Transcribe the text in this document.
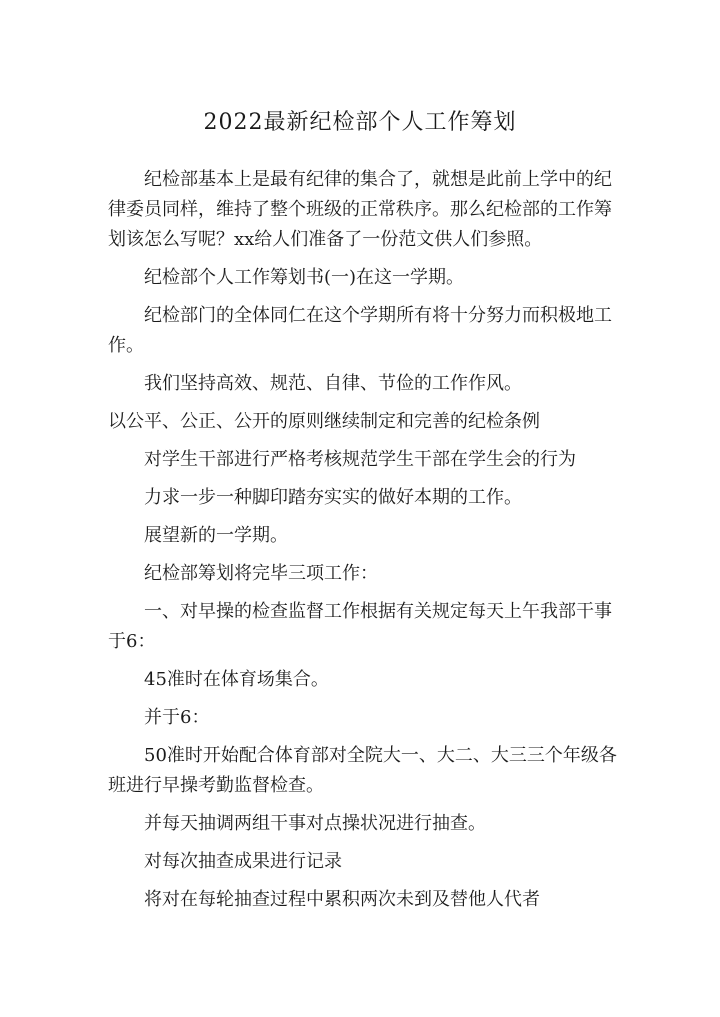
2022最新纪检部个人工作筹划

纪检部基本上是最有纪律的集合了，就想是此前上学中的纪律委员同样，维持了整个班级的正常秩序。那么纪检部的工作筹划该怎么写呢？xx给人们准备了一份范文供人们参照。

纪检部个人工作筹划书(一)在这一学期。

纪检部门的全体同仁在这个学期所有将十分努力而积极地工作。

我们坚持高效、规范、自律、节俭的工作作风。

以公平、公正、公开的原则继续制定和完善的纪检条例

对学生干部进行严格考核规范学生干部在学生会的行为

力求一步一种脚印踏夯实实的做好本期的工作。

展望新的一学期。

纪检部筹划将完毕三项工作：

一、对早操的检查监督工作根据有关规定每天上午我部干事于6：

45准时在体育场集合。

并于6：

50准时开始配合体育部对全院大一、大二、大三三个年级各班进行早操考勤监督检查。

并每天抽调两组干事对点操状况进行抽查。

对每次抽查成果进行记录

将对在每轮抽查过程中累积两次未到及替他人代者
